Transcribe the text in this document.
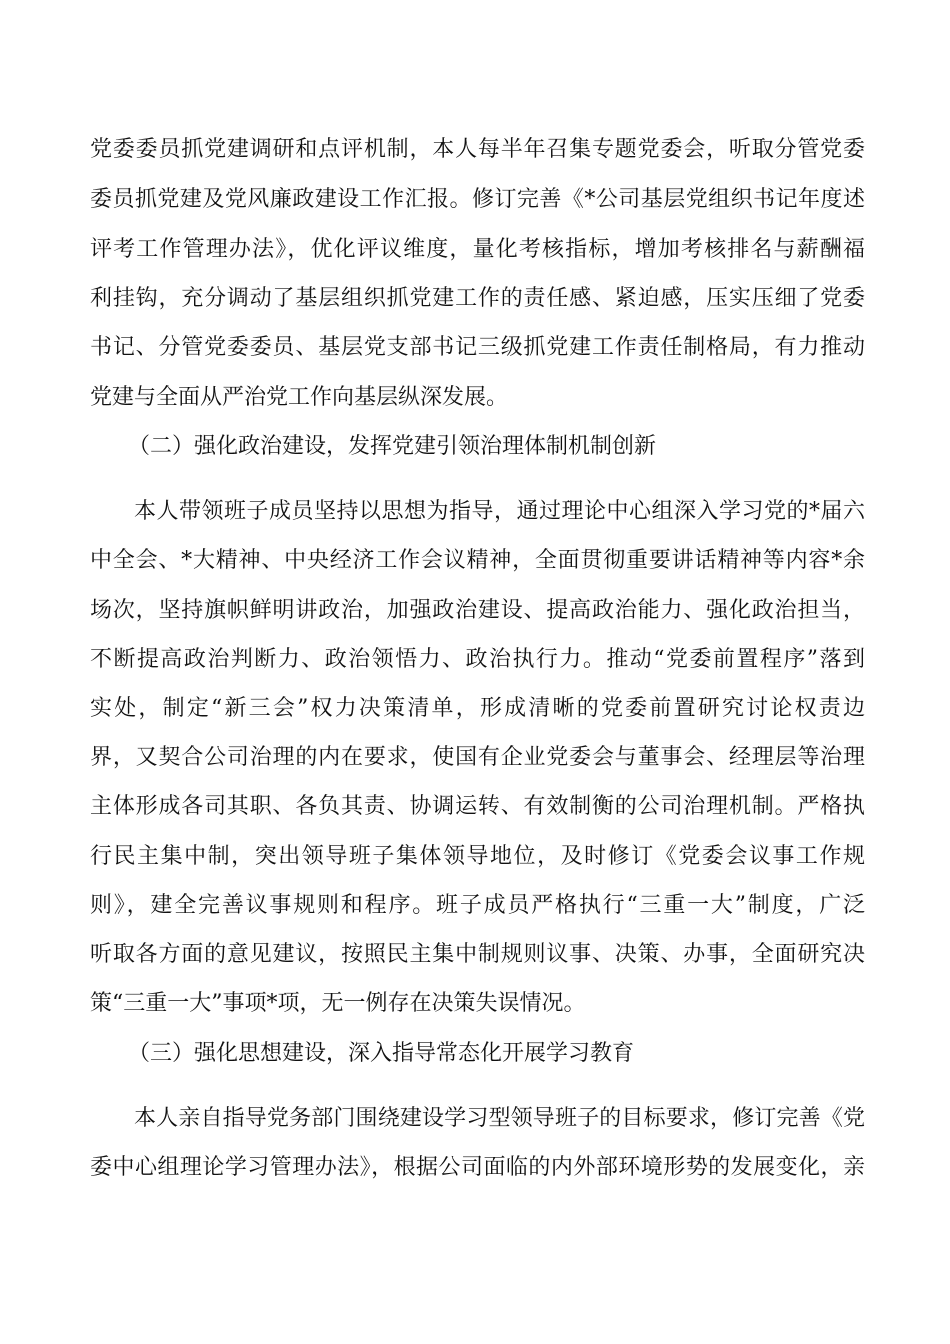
党委委员抓党建调研和点评机制，本人每半年召集专题党委会，听取分管党委
委员抓党建及党风廉政建设工作汇报。修订完善《*公司基层党组织书记年度述
评考工作管理办法》，优化评议维度，量化考核指标，增加考核排名与薪酬福
利挂钩，充分调动了基层组织抓党建工作的责任感、紧迫感，压实压细了党委
书记、分管党委委员、基层党支部书记三级抓党建工作责任制格局，有力推动
党建与全面从严治党工作向基层纵深发展。
（二）强化政治建设，发挥党建引领治理体制机制创新
本人带领班子成员坚持以思想为指导，通过理论中心组深入学习党的*届六
中全会、*大精神、中央经济工作会议精神，全面贯彻重要讲话精神等内容*余
场次，坚持旗帜鲜明讲政治，加强政治建设、提高政治能力、强化政治担当，
不断提高政治判断力、政治领悟力、政治执行力。推动“党委前置程序”落到
实处，制定“新三会”权力决策清单，形成清晰的党委前置研究讨论权责边
界，又契合公司治理的内在要求，使国有企业党委会与董事会、经理层等治理
主体形成各司其职、各负其责、协调运转、有效制衡的公司治理机制。严格执
行民主集中制，突出领导班子集体领导地位，及时修订《党委会议事工作规
则》，建全完善议事规则和程序。班子成员严格执行“三重一大”制度，广泛
听取各方面的意见建议，按照民主集中制规则议事、决策、办事，全面研究决
策“三重一大”事项*项，无一例存在决策失误情况。
（三）强化思想建设，深入指导常态化开展学习教育
本人亲自指导党务部门围绕建设学习型领导班子的目标要求，修订完善《党
委中心组理论学习管理办法》，根据公司面临的内外部环境形势的发展变化，亲
